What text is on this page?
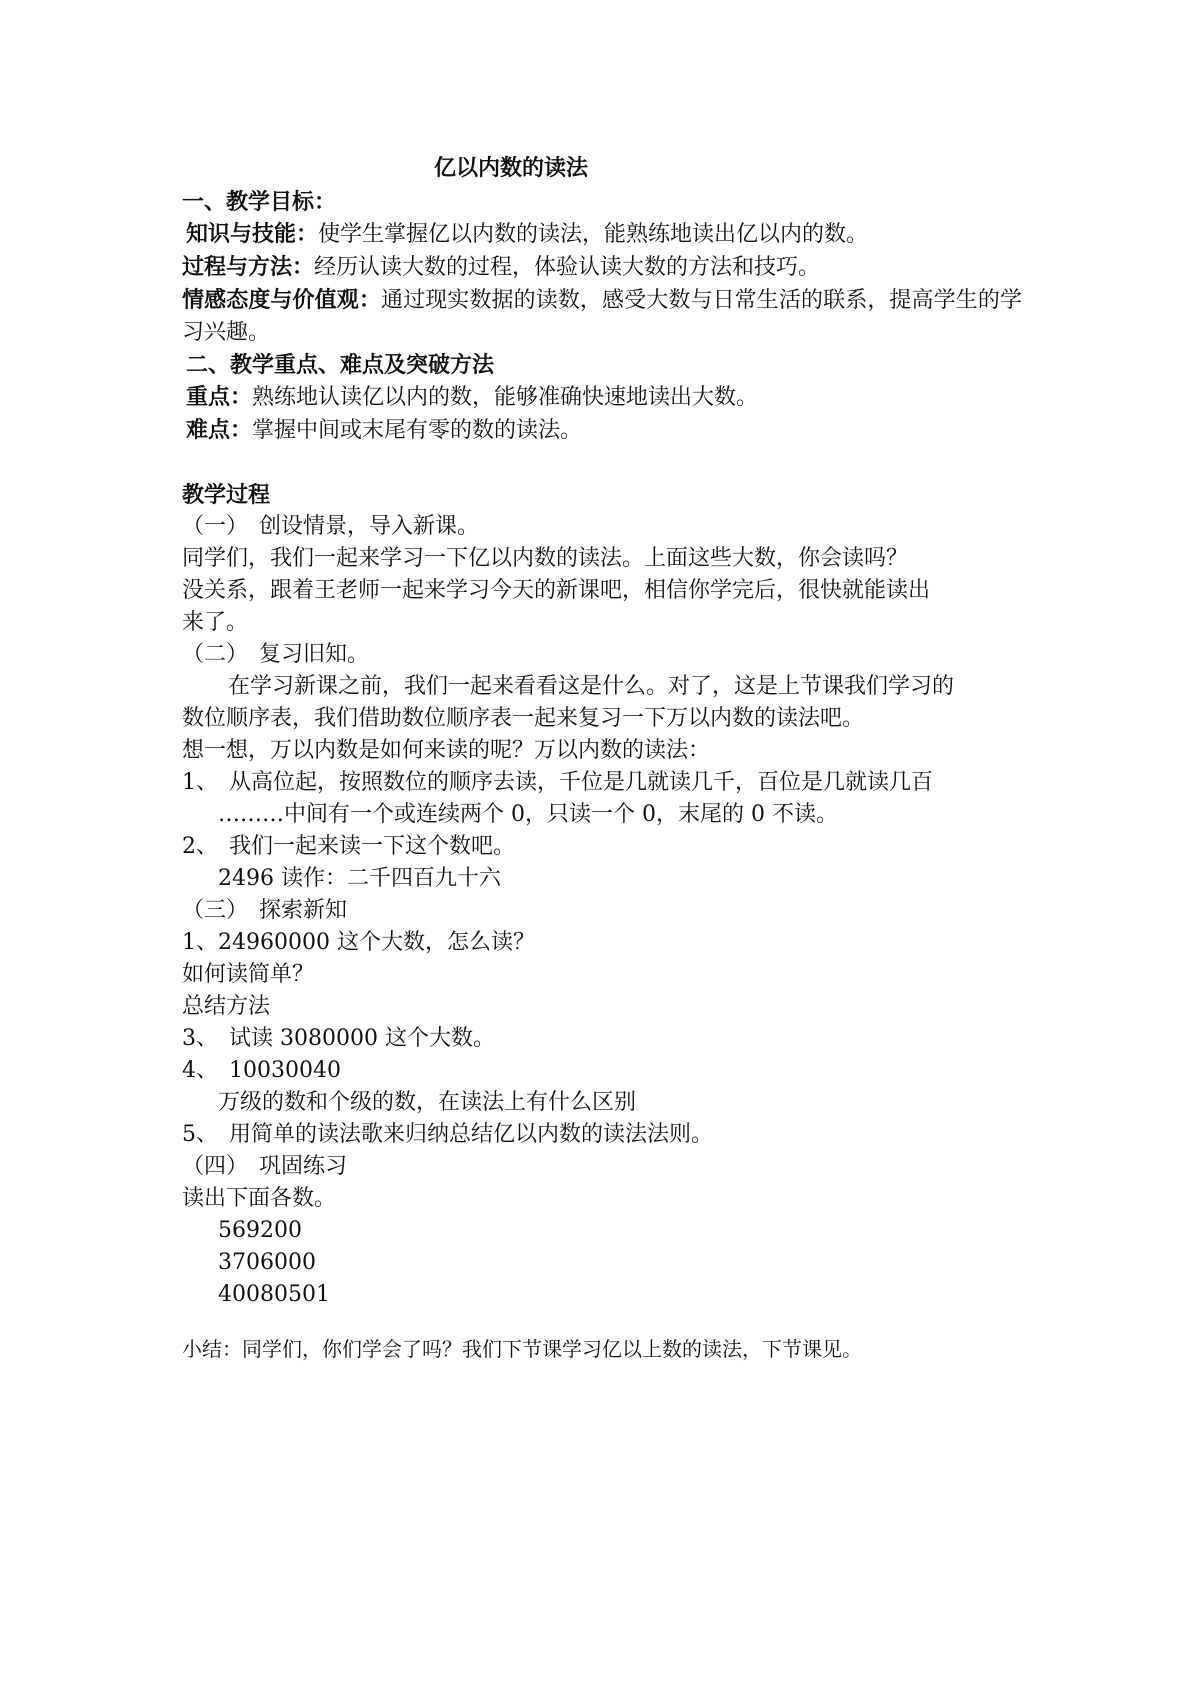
亿以内数的读法

一、教学目标：

知识与技能：使学生掌握亿以内数的读法，能熟练地读出亿以内的数。

过程与方法：经历认读大数的过程，体验认读大数的方法和技巧。

情感态度与价值观：通过现实数据的读数，感受大数与日常生活的联系，提高学生的学习兴趣。

二、教学重点、难点及突破方法

重点：熟练地认读亿以内的数，能够准确快速地读出大数。

难点：掌握中间或末尾有零的数的读法。

教学过程

（一）　创设情景，导入新课。

同学们，我们一起来学习一下亿以内数的读法。上面这些大数，你会读吗？

没关系，跟着王老师一起来学习今天的新课吧，相信你学完后，很快就能读出

来了。

（二）　复习旧知。

在学习新课之前，我们一起来看看这是什么。对了，这是上节课我们学习的

数位顺序表，我们借助数位顺序表一起来复习一下万以内数的读法吧。

想一想，万以内数是如何来读的呢？万以内数的读法：

1、　从高位起，按照数位的顺序去读，千位是几就读几千，百位是几就读几百

………中间有一个或连续两个 0，只读一个 0，末尾的 0 不读。

2、　我们一起来读一下这个数吧。

2496 读作：二千四百九十六

（三）　探索新知

1、24960000 这个大数，怎么读？

如何读简单？

总结方法

3、　试读 3080000 这个大数。

4、　10030040

万级的数和个级的数，在读法上有什么区别

5、　用简单的读法歌来归纳总结亿以内数的读法法则。

（四）　巩固练习

读出下面各数。

569200

3706000

40080501

小结：同学们，你们学会了吗？我们下节课学习亿以上数的读法，下节课见。
